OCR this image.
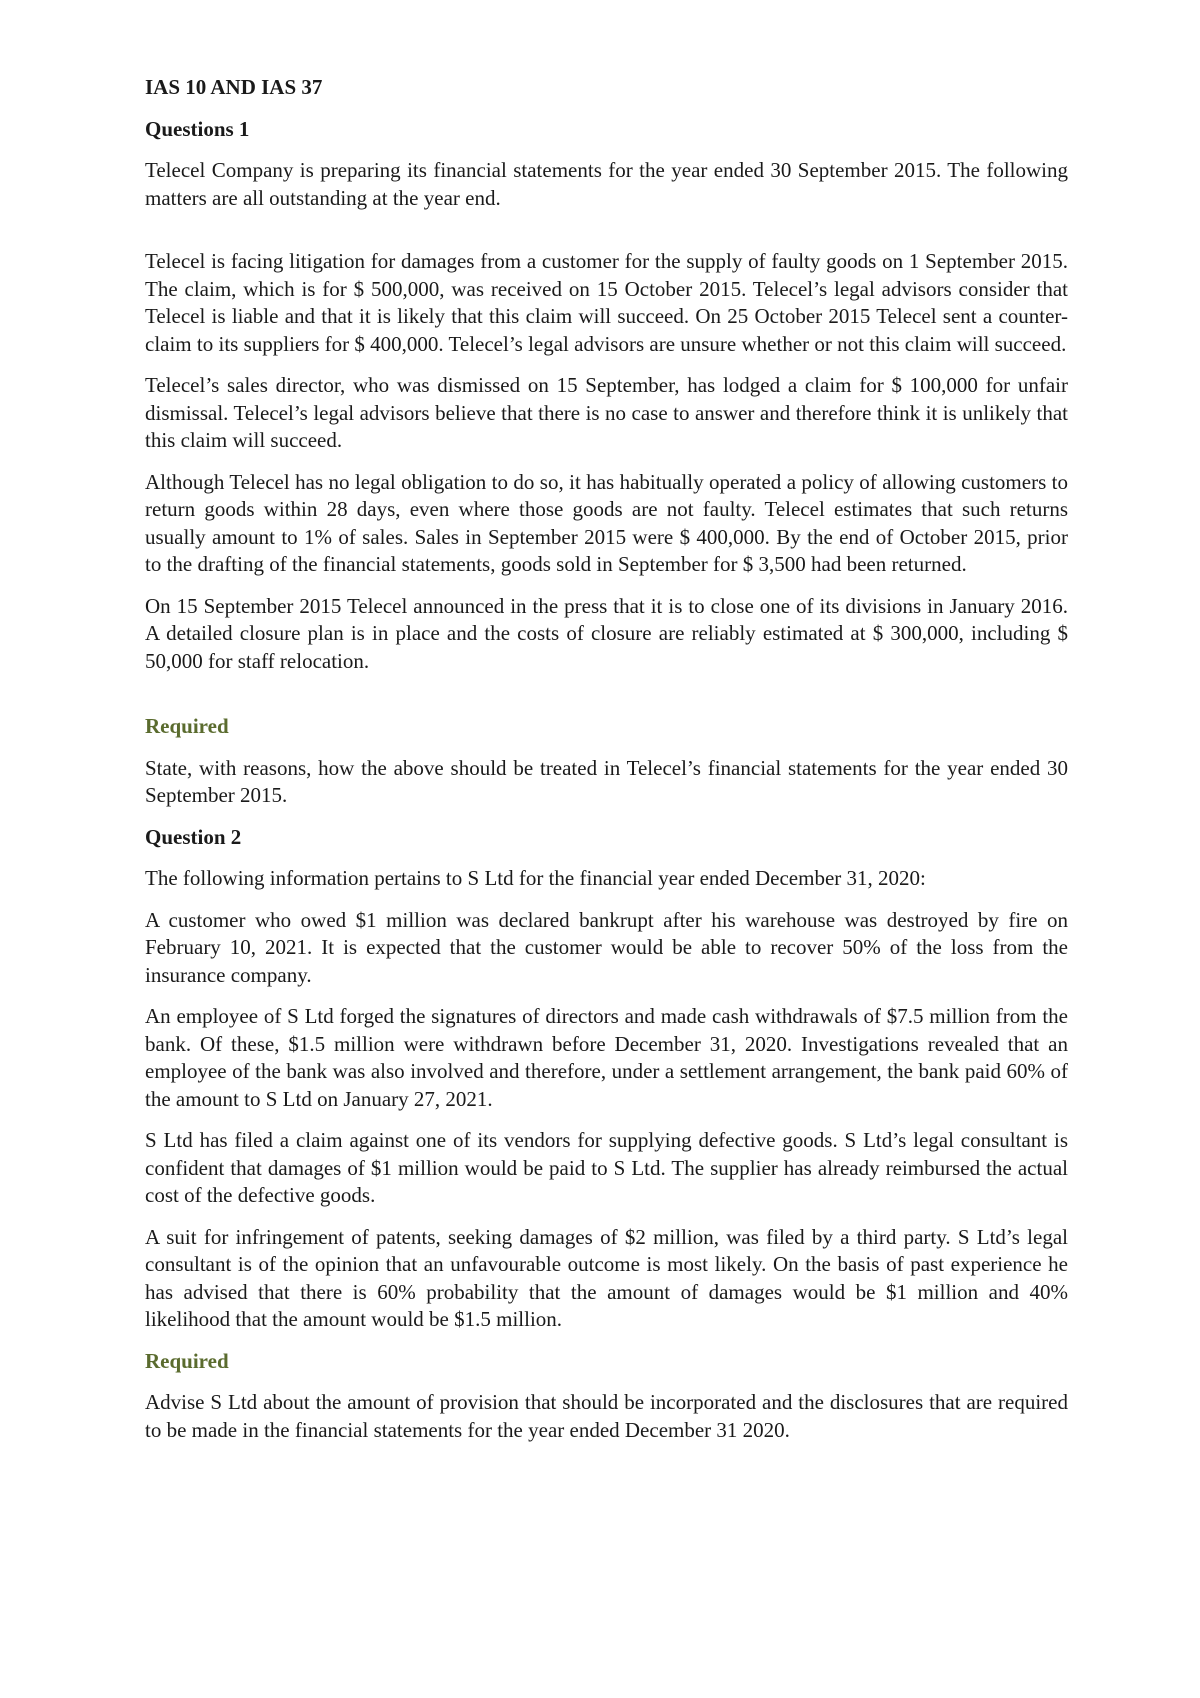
IAS 10 AND IAS 37
Questions 1

Telecel Company is preparing its financial statements for the year ended 30 September 2015. The following matters are all outstanding at the year end.

Telecel is facing litigation for damages from a customer for the supply of faulty goods on 1 September 2015. The claim, which is for $ 500,000, was received on 15 October 2015. Telecel’s legal advisors consider that Telecel is liable and that it is likely that this claim will succeed. On 25 October 2015 Telecel sent a counter-claim to its suppliers for $ 400,000. Telecel’s legal advisors are unsure whether or not this claim will succeed.

Telecel’s sales director, who was dismissed on 15 September, has lodged a claim for $ 100,000 for unfair dismissal. Telecel’s legal advisors believe that there is no case to answer and therefore think it is unlikely that this claim will succeed.

Although Telecel has no legal obligation to do so, it has habitually operated a policy of allowing customers to return goods within 28 days, even where those goods are not faulty. Telecel estimates that such returns usually amount to 1% of sales. Sales in September 2015 were $ 400,000. By the end of October 2015, prior to the drafting of the financial statements, goods sold in September for $ 3,500 had been returned.

On 15 September 2015 Telecel announced in the press that it is to close one of its divisions in January 2016. A detailed closure plan is in place and the costs of closure are reliably estimated at $ 300,000, including $ 50,000 for staff relocation.

Required

State, with reasons, how the above should be treated in Telecel’s financial statements for the year ended 30 September 2015.

Question 2

The following information pertains to S Ltd for the financial year ended December 31, 2020:

A customer who owed $1 million was declared bankrupt after his warehouse was destroyed by fire on February 10, 2021. It is expected that the customer would be able to recover 50% of the loss from the insurance company.

An employee of S Ltd forged the signatures of directors and made cash withdrawals of $7.5 million from the bank. Of these, $1.5 million were withdrawn before December 31, 2020. Investigations revealed that an employee of the bank was also involved and therefore, under a settlement arrangement, the bank paid 60% of the amount to S Ltd on January 27, 2021.

S Ltd has filed a claim against one of its vendors for supplying defective goods. S Ltd’s legal consultant is confident that damages of $1 million would be paid to S Ltd. The supplier has already reimbursed the actual cost of the defective goods.

A suit for infringement of patents, seeking damages of $2 million, was filed by a third party. S Ltd’s legal consultant is of the opinion that an unfavourable outcome is most likely. On the basis of past experience he has advised that there is 60% probability that the amount of damages would be $1 million and 40% likelihood that the amount would be $1.5 million.

Required

Advise S Ltd about the amount of provision that should be incorporated and the disclosures that are required to be made in the financial statements for the year ended December 31 2020.
